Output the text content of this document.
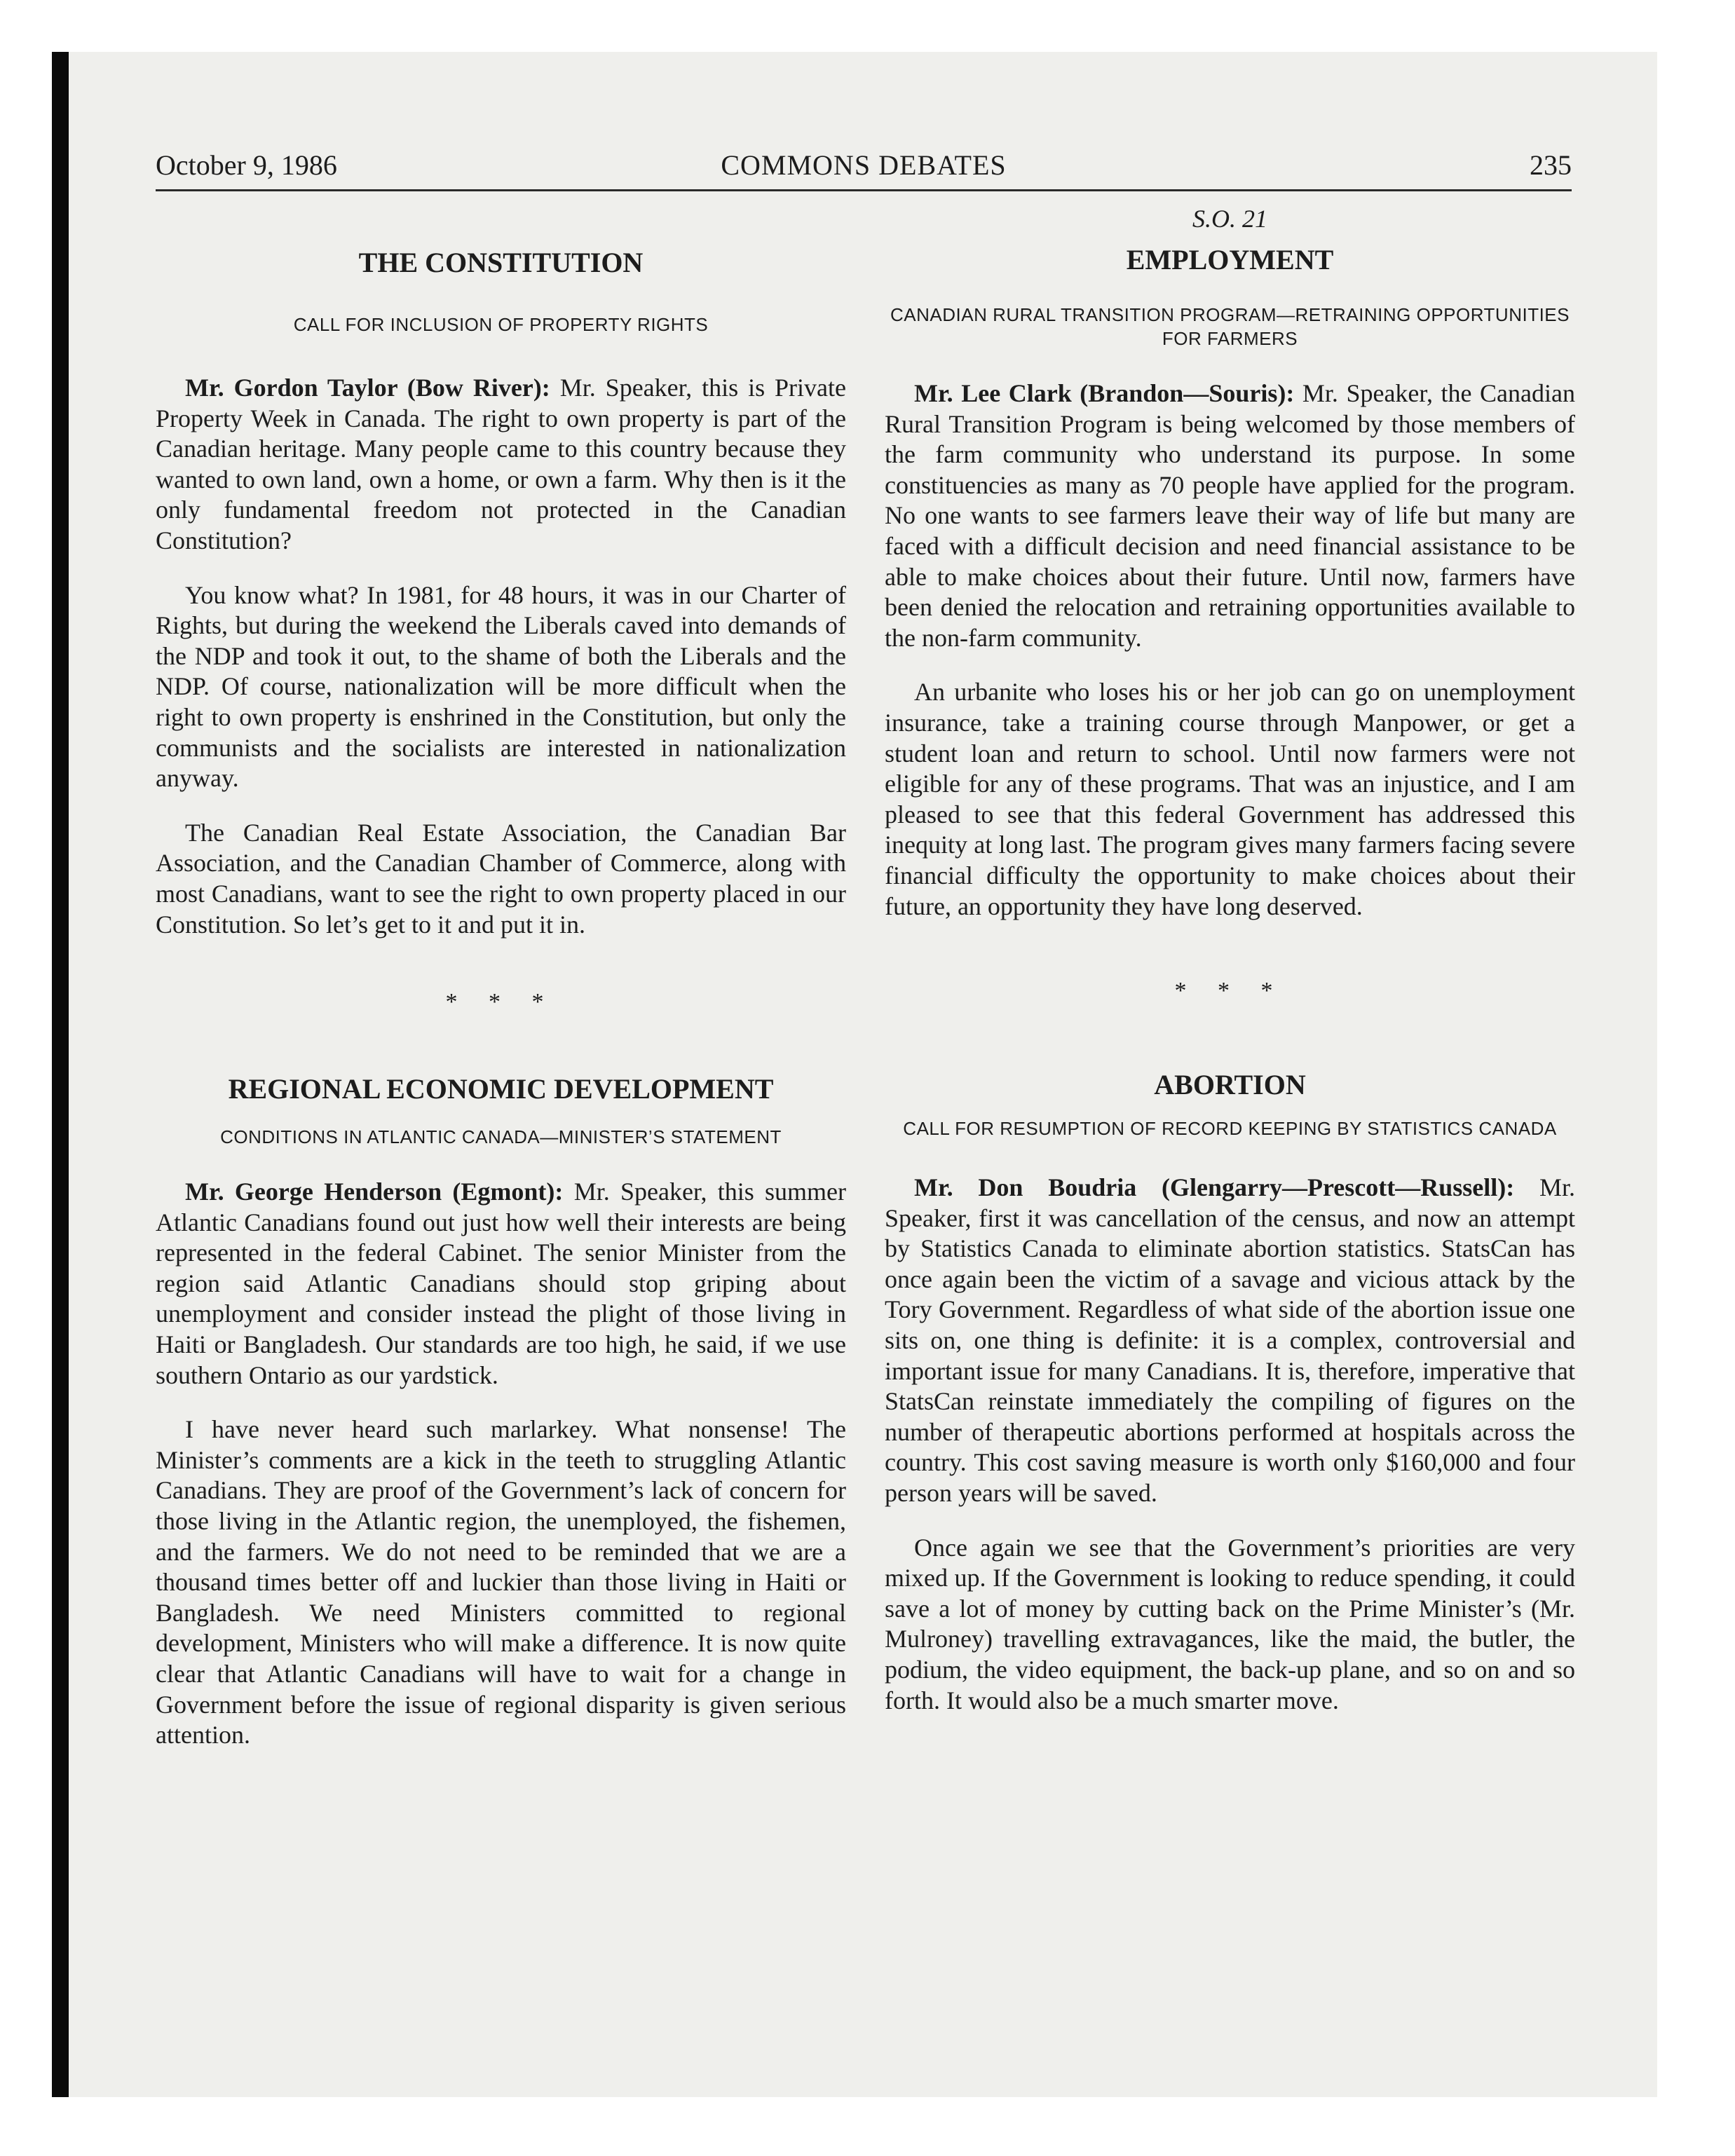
October 9, 1986	COMMONS DEBATES	235
THE CONSTITUTION

CALL FOR INCLUSION OF PROPERTY RIGHTS

Mr. Gordon Taylor (Bow River): Mr. Speaker, this is Private Property Week in Canada. The right to own property is part of the Canadian heritage. Many people came to this country because they wanted to own land, own a home, or own a farm. Why then is it the only fundamental freedom not protected in the Canadian Constitution?

You know what? In 1981, for 48 hours, it was in our Charter of Rights, but during the weekend the Liberals caved into demands of the NDP and took it out, to the shame of both the Liberals and the NDP. Of course, nationalization will be more difficult when the right to own property is enshrined in the Constitution, but only the communists and the socialists are interested in nationalization anyway.

The Canadian Real Estate Association, the Canadian Bar Association, and the Canadian Chamber of Commerce, along with most Canadians, want to see the right to own property placed in our Constitution. So let’s get to it and put it in.

* * *

REGIONAL ECONOMIC DEVELOPMENT

CONDITIONS IN ATLANTIC CANADA—MINISTER’S STATEMENT

Mr. George Henderson (Egmont): Mr. Speaker, this summer Atlantic Canadians found out just how well their interests are being represented in the federal Cabinet. The senior Minister from the region said Atlantic Canadians should stop griping about unemployment and consider instead the plight of those living in Haiti or Bangladesh. Our standards are too high, he said, if we use southern Ontario as our yardstick.

I have never heard such marlarkey. What nonsense! The Minister’s comments are a kick in the teeth to struggling Atlantic Canadians. They are proof of the Government’s lack of concern for those living in the Atlantic region, the unemployed, the fishemen, and the farmers. We do not need to be reminded that we are a thousand times better off and luckier than those living in Haiti or Bangladesh. We need Ministers committed to regional development, Ministers who will make a difference. It is now quite clear that Atlantic Canadians will have to wait for a change in Government before the issue of regional disparity is given serious attention.

S.O. 21

EMPLOYMENT

CANADIAN RURAL TRANSITION PROGRAM—RETRAINING OPPORTUNITIES FOR FARMERS

Mr. Lee Clark (Brandon—Souris): Mr. Speaker, the Canadian Rural Transition Program is being welcomed by those members of the farm community who understand its purpose. In some constituencies as many as 70 people have applied for the program. No one wants to see farmers leave their way of life but many are faced with a difficult decision and need financial assistance to be able to make choices about their future. Until now, farmers have been denied the relocation and retraining opportunities available to the non-farm community.

An urbanite who loses his or her job can go on unemployment insurance, take a training course through Manpower, or get a student loan and return to school. Until now farmers were not eligible for any of these programs. That was an injustice, and I am pleased to see that this federal Government has addressed this inequity at long last. The program gives many farmers facing severe financial difficulty the opportunity to make choices about their future, an opportunity they have long deserved.

* * *

ABORTION

CALL FOR RESUMPTION OF RECORD KEEPING BY STATISTICS CANADA

Mr. Don Boudria (Glengarry—Prescott—Russell): Mr. Speaker, first it was cancellation of the census, and now an attempt by Statistics Canada to eliminate abortion statistics. StatsCan has once again been the victim of a savage and vicious attack by the Tory Government. Regardless of what side of the abortion issue one sits on, one thing is definite: it is a complex, controversial and important issue for many Canadians. It is, therefore, imperative that StatsCan reinstate immediately the compiling of figures on the number of therapeutic abortions performed at hospitals across the country. This cost saving measure is worth only $160,000 and four person years will be saved.

Once again we see that the Government’s priorities are very mixed up. If the Government is looking to reduce spending, it could save a lot of money by cutting back on the Prime Minister’s (Mr. Mulroney) travelling extravagances, like the maid, the butler, the podium, the video equipment, the back-up plane, and so on and so forth. It would also be a much smarter move.
